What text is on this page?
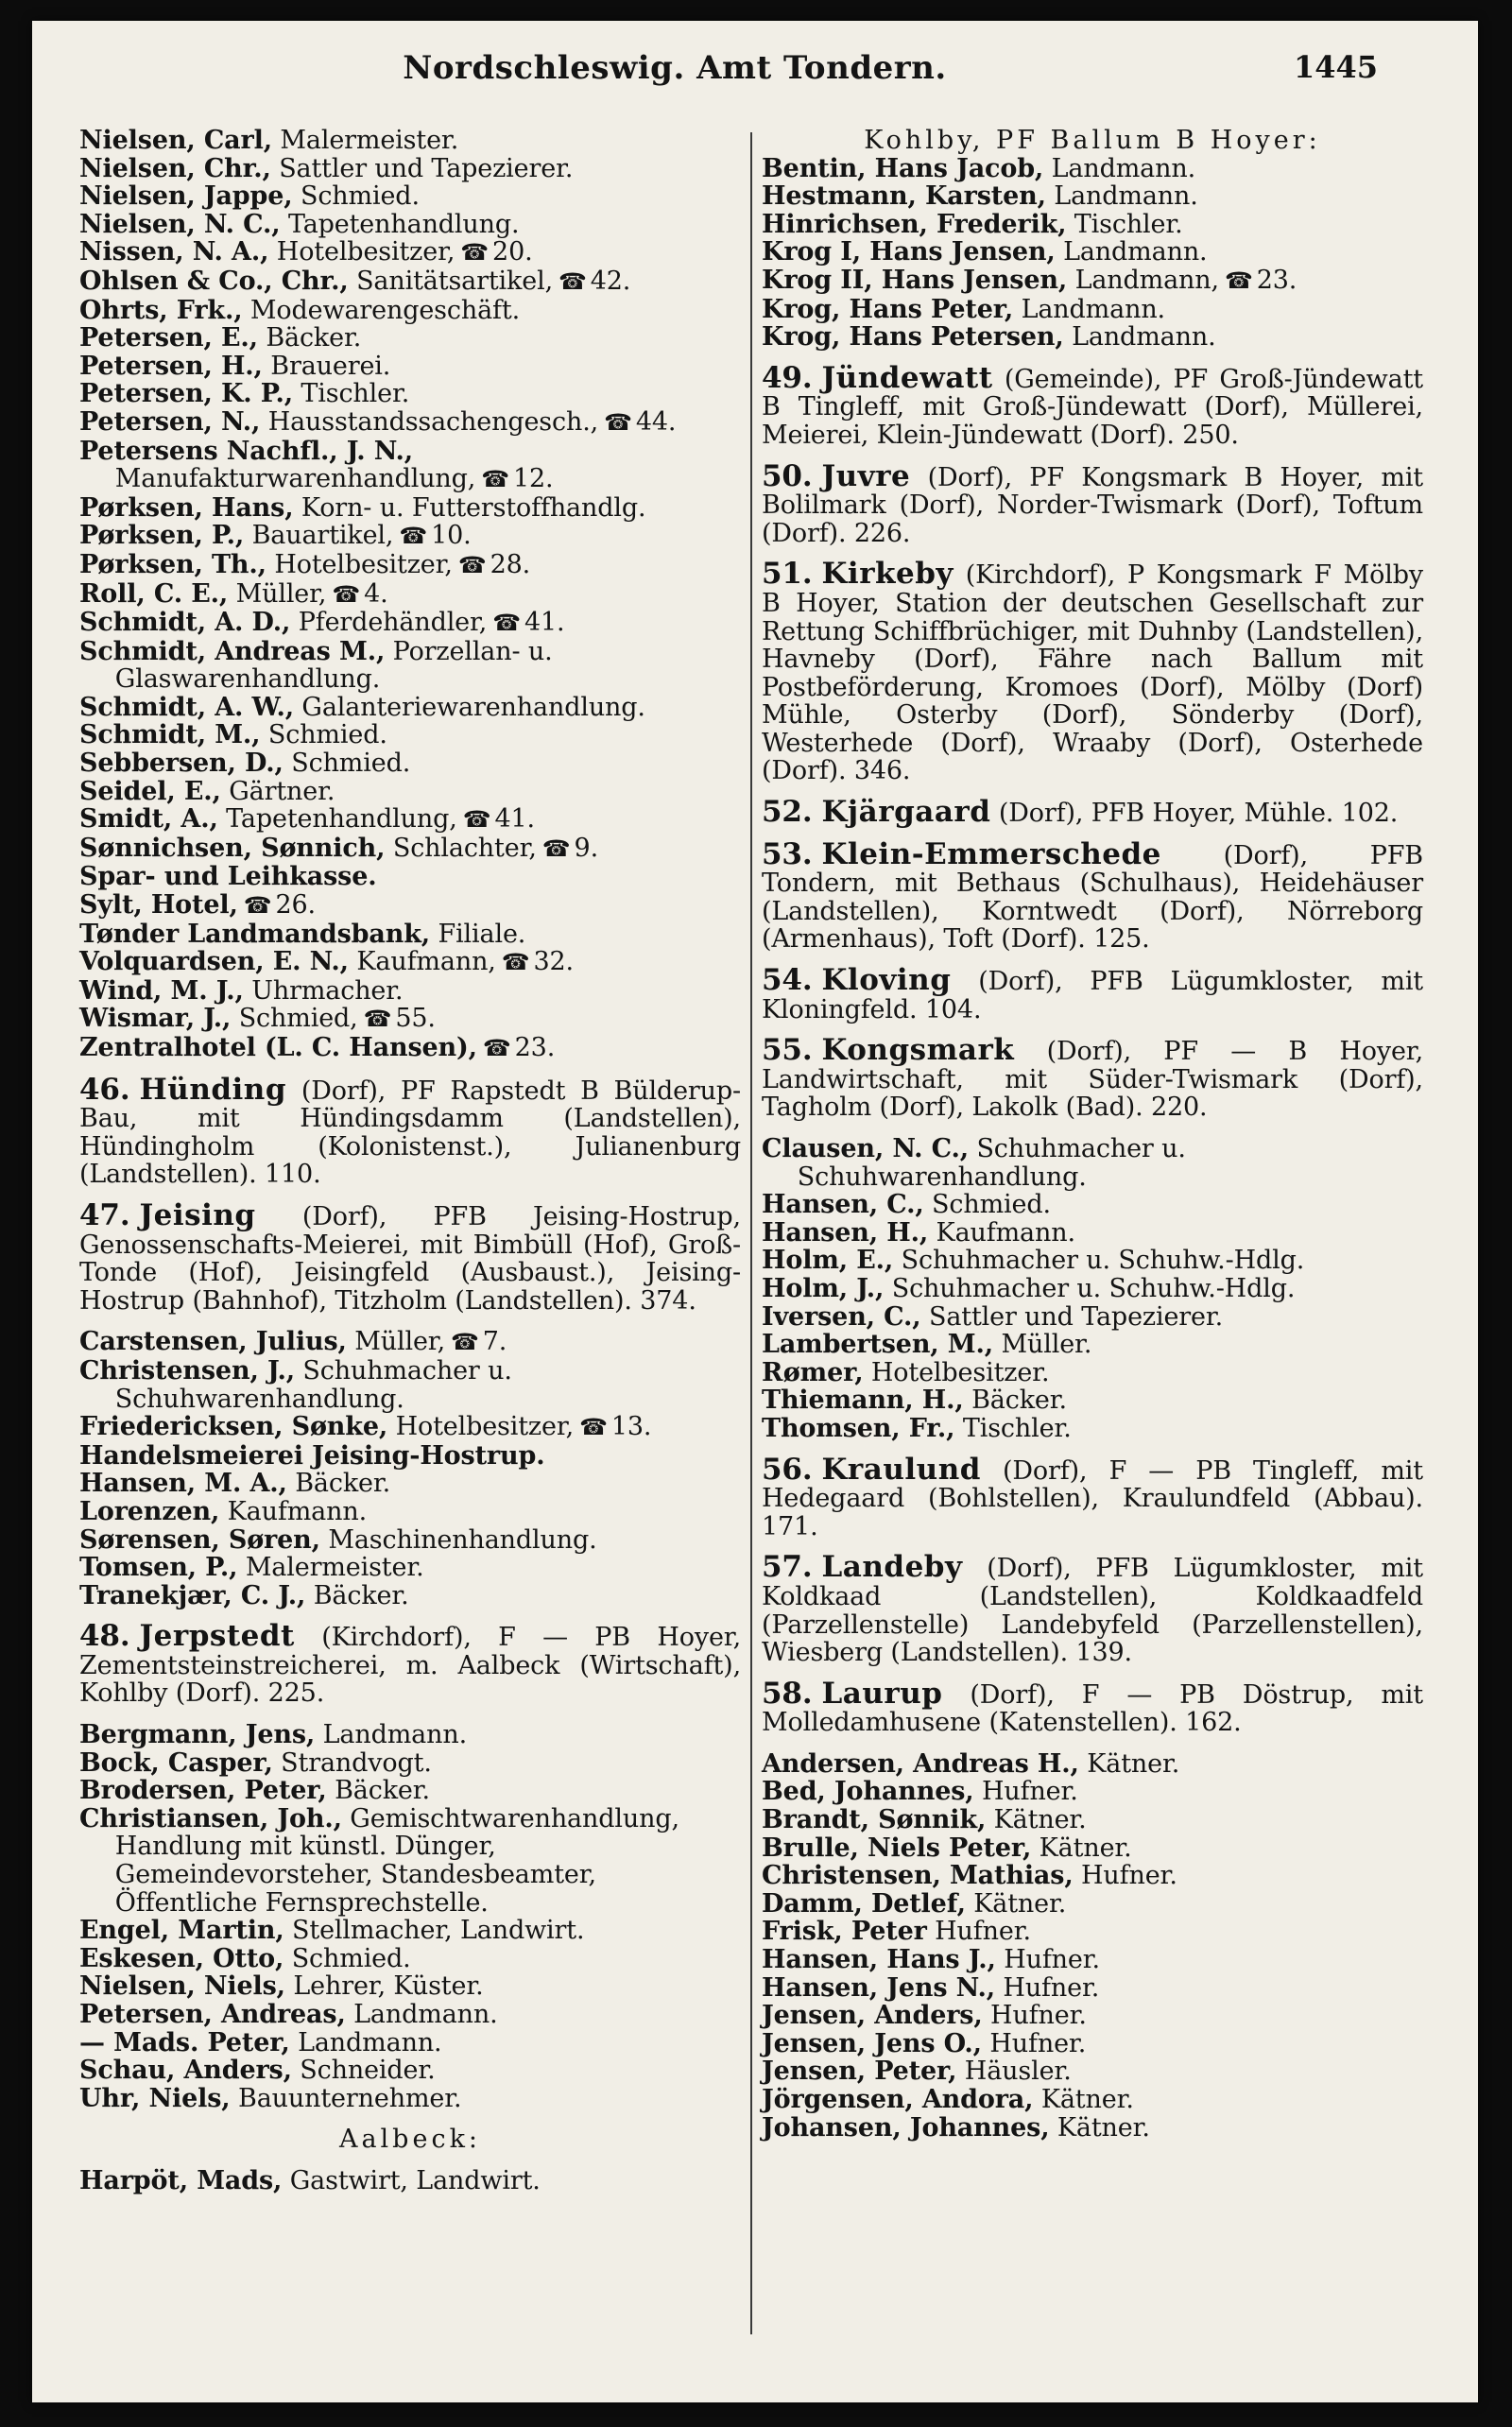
Nordschleswig. Amt Tondern.	1445

Nielsen, Carl, Malermeister.

Nielsen, Chr., Sattler und Tapezierer.

Nielsen, Jappe, Schmied.

Nielsen, N. C., Tapetenhandlung.

Nissen, N. A., Hotelbesitzer, ☎ 20.

Ohlsen & Co., Chr., Sanitätsartikel, ☎ 42.

Ohrts, Frk., Modewarengeschäft.

Petersen, E., Bäcker.

Petersen, H., Brauerei.

Petersen, K. P., Tischler.

Petersen, N., Hausstandssachengesch., ☎ 44.

Petersens Nachfl., J. N., Manufakturwarenhandlung, ☎ 12.

Pørksen, Hans, Korn- u. Futterstoffhandlg.

Pørksen, P., Bauartikel, ☎ 10.

Pørksen, Th., Hotelbesitzer, ☎ 28.

Roll, C. E., Müller, ☎ 4.

Schmidt, A. D., Pferdehändler, ☎ 41.

Schmidt, Andreas M., Porzellan- u. Glaswarenhandlung.

Schmidt, A. W., Galanteriewarenhandlung.

Schmidt, M., Schmied.

Sebbersen, D., Schmied.

Seidel, E., Gärtner.

Smidt, A., Tapetenhandlung, ☎ 41.

Sønnichsen, Sønnich, Schlachter, ☎ 9.

Spar- und Leihkasse.

Sylt, Hotel, ☎ 26.

Tønder Landmandsbank, Filiale.

Volquardsen, E. N., Kaufmann, ☎ 32.

Wind, M. J., Uhrmacher.

Wismar, J., Schmied, ☎ 55.

Zentralhotel (L. C. Hansen), ☎ 23.

46. Hünding (Dorf), PF Rapstedt B Bülderup-Bau, mit Hündingsdamm (Landstellen), Hündingholm (Kolonistenst.), Julianenburg (Landstellen). 110.

47. Jeising (Dorf), PFB Jeising-Hostrup, Genossenschafts-Meierei, mit Bimbüll (Hof), Groß-Tonde (Hof), Jeisingfeld (Ausbaust.), Jeising-Hostrup (Bahnhof), Titzholm (Landstellen). 374.

Carstensen, Julius, Müller, ☎ 7.

Christensen, J., Schuhmacher u. Schuhwarenhandlung.

Friedericksen, Sønke, Hotelbesitzer, ☎ 13.

Handelsmeierei Jeising-Hostrup.

Hansen, M. A., Bäcker.

Lorenzen, Kaufmann.

Sørensen, Søren, Maschinenhandlung.

Tomsen, P., Malermeister.

Tranekjær, C. J., Bäcker.

48. Jerpstedt (Kirchdorf), F — PB Hoyer, Zementsteinstreicherei, m. Aalbeck (Wirtschaft), Kohlby (Dorf). 225.

Bergmann, Jens, Landmann.

Bock, Casper, Strandvogt.

Brodersen, Peter, Bäcker.

Christiansen, Joh., Gemischtwarenhandlung, Handlung mit künstl. Dünger, Gemeindevorsteher, Standesbeamter, Öffentliche Fernsprechstelle.

Engel, Martin, Stellmacher, Landwirt.

Eskesen, Otto, Schmied.

Nielsen, Niels, Lehrer, Küster.

Petersen, Andreas, Landmann.

— Mads. Peter, Landmann.

Schau, Anders, Schneider.

Uhr, Niels, Bauunternehmer.

Aalbeck:

Harpöt, Mads, Gastwirt, Landwirt.

Kohlby, PF Ballum B Hoyer:

Bentin, Hans Jacob, Landmann.

Hestmann, Karsten, Landmann.

Hinrichsen, Frederik, Tischler.

Krog I, Hans Jensen, Landmann.

Krog II, Hans Jensen, Landmann, ☎ 23.

Krog, Hans Peter, Landmann.

Krog, Hans Petersen, Landmann.

49. Jündewatt (Gemeinde), PF Groß-Jündewatt B Tingleff, mit Groß-Jündewatt (Dorf), Müllerei, Meierei, Klein-Jündewatt (Dorf). 250.

50. Juvre (Dorf), PF Kongsmark B Hoyer, mit Bolilmark (Dorf), Norder-Twismark (Dorf), Toftum (Dorf). 226.

51. Kirkeby (Kirchdorf), P Kongsmark F Mölby B Hoyer, Station der deutschen Gesellschaft zur Rettung Schiffbrüchiger, mit Duhnby (Landstellen), Havneby (Dorf), Fähre nach Ballum mit Postbeförderung, Kromoes (Dorf), Mölby (Dorf) Mühle, Osterby (Dorf), Sönderby (Dorf), Westerhede (Dorf), Wraaby (Dorf), Osterhede (Dorf). 346.

52. Kjärgaard (Dorf), PFB Hoyer, Mühle. 102.

53. Klein-Emmerschede (Dorf), PFB Tondern, mit Bethaus (Schulhaus), Heidehäuser (Landstellen), Korntwedt (Dorf), Nörreborg (Armenhaus), Toft (Dorf). 125.

54. Kloving (Dorf), PFB Lügumkloster, mit Kloningfeld. 104.

55. Kongsmark (Dorf), PF — B Hoyer, Landwirtschaft, mit Süder-Twismark (Dorf), Tagholm (Dorf), Lakolk (Bad). 220.

Clausen, N. C., Schuhmacher u. Schuhwarenhandlung.

Hansen, C., Schmied.

Hansen, H., Kaufmann.

Holm, E., Schuhmacher u. Schuhw.-Hdlg.

Holm, J., Schuhmacher u. Schuhw.-Hdlg.

Iversen, C., Sattler und Tapezierer.

Lambertsen, M., Müller.

Rømer, Hotelbesitzer.

Thiemann, H., Bäcker.

Thomsen, Fr., Tischler.

56. Kraulund (Dorf), F — PB Tingleff, mit Hedegaard (Bohlstellen), Kraulundfeld (Abbau). 171.

57. Landeby (Dorf), PFB Lügumkloster, mit Koldkaad (Landstellen), Koldkaadfeld (Parzellenstelle) Landebyfeld (Parzellenstellen), Wiesberg (Landstellen). 139.

58. Laurup (Dorf), F — PB Döstrup, mit Molledamhusene (Katenstellen). 162.

Andersen, Andreas H., Kätner.

Bed, Johannes, Hufner.

Brandt, Sønnik, Kätner.

Brulle, Niels Peter, Kätner.

Christensen, Mathias, Hufner.

Damm, Detlef, Kätner.

Frisk, Peter Hufner.

Hansen, Hans J., Hufner.

Hansen, Jens N., Hufner.

Jensen, Anders, Hufner.

Jensen, Jens O., Hufner.

Jensen, Peter, Häusler.

Jörgensen, Andora, Kätner.

Johansen, Johannes, Kätner.
